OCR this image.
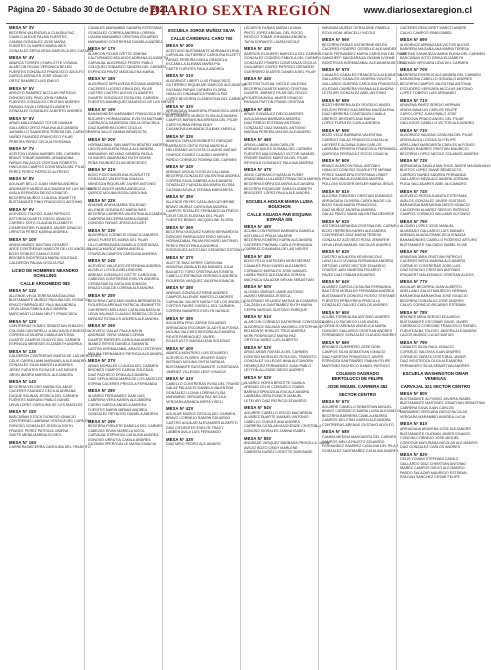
Página 20 - Sábado 30 de Octubre de 2021
DIARIO SEXTA REGIÓN	www.diariosextaregion.cl
MESA N° 3V
BECERRA VALENZUELA CLAUDIA PAZ
CAMILO ALEXIS PALMA FUENTES
CANDIA GONZALEZ JOSE MARIA
FUENTES OLIVARES MARIA INES
GONZALEZ SEPULVEDA MARCELA DEL CARMEN
MESA N° 4V
ABARCA TORRES CHARLOTTE VIVIANA
ALARCON ROJAS VERONICA BELEN
FUENTES GONZALEZ FRANCISCO ADOLFO
GARCIA MORALES JOSE IGNACIO
ORTIZ RAMIREZ LUIS EMILIO
MESA N° 5V
ARROYO RAMIREZ NICOLAS PATRICIO
DONOSO DEL PINO JOHN FABIAN
FUENTES GONZALEZ CRISTIAN ANDRES
PARADA SILVA LORENA ELIZABETH
GONZALEZ GONZALEZ ALBERTO ANDRES
MESA N° 6V
ARIAS MALDONADO TOTOR DAMIAN
GALLARDO ORTIZ PAULINA ALEJANDRA
JARAMILLO SAAVEDRA TERESA DEL CARMEN
NUÑEZ FAUNDEZ FRANCISCO PILAR
PEREIRA PEREZ CECILIA ROSSANA
MESA N° 7V
ACEITON LIZAMA MARIBEL DEL CARMEN
BRAVO TOBAR MARIBEL ARMANDINA
FARIAS PALACIOS CRISTIAN ROBERTO
HINOJOSA CAMPOS CONSTANZA DEL PILAR
PEREZ PEREZ PATRICIO ALFREDO
MESA N° 8V
AGUILAR BELLO JUAN XIMENA ANDREA
ANDRADES MUÑOZ ALEJANDRA DE LAS NIEVES
AYALA ESPINOZA DIEGO IGNACIO
BECERRA MUÑOZ CLAUDIA JEANETTE
BUSTAMANTE PINO FRANCISCO ANTONIO
MESA N° 9V
ACEVEDO TOLEDO JUAN PATRICIO
ASTORGA DUARTE DIEGO IGNACIO
CARRIEL SOTO CLAUDIA ELIZABETH
CHARPENTIER FLANDES JAVIER IGNACIO
URRUTIA PEREZ KARINA ANDREA
MESA N° 10V
ARAYA MUÑOZ BASTIAN CESARIO
ARCE CONTRERAS MARCOS DE LOS ANGELES
BOZO ROBLES CAMILO JOSE
BRIONES INOSTROZA MARIA SOLEDAD
CALDERON PALMA CECILIA PAZ
LICEO DE HOMBRES NEANDRO SCHILLING
CALLE ARGOMEDO 083
MESA N° 11V
ALLENDE VEGA TERESA MAGDALENA
BUSTAMANTE MUÑOZ PAULINA DEL ROSARIO
ERAZO PARRAGUEZ PAULINA ANDREA
LEIVA LEIVA FABIOLA ALEJANDRA
MARCHANT LIZAMA NELTY FRANCISCA
MESA N° 12V
CONTRERAS GOMEZ SEBASTIAN IGNACIO
COLOMA CANTARELLI JUAN DAVID ERNESTO
CORREA LEIGUERA CAMILA ANTONIA
DUARTE CAMPOS GLADYS DEL CARMEN
ESPINOZA MENESES ELIZABETH ANDREA
MESA N° 13V
CALDERON CONTRERAS MARTA DE LAS MERCEDES
CELIS CARRILLANN MARIANELA ALEJANDRA
GONZALEZ SILVA MARCELA ANDREA
JEREZ FUENTES ROSA DE LAS NIEVES
JIRON IBARRA MARISOL ALEJANDRA
MESA N° 14V
BECERRA VELOSO MARIA SOLANGE
CACERES FAUNDEZ CECILIA ADRIANA
DUQUE SALINAS JESSICA DEL CARMEN
FUENTES MAIRANO PABLO DANIEL
LEIVA LOPEZ CAROLINA DE LOS ANGELES
MESA N° 15V
BASCUÑAN STOCK DIONISIO IGNACIO
CONTRERAS LABRANA YESSICA DEL CARMEN
DONOSO GONZALEZ JESSICA EDITH
FRANCE PEREZ PATRICIA XIMENA
GAETE MENA MARINA ELISEO
MESA N° 16V
CARRERA BECERRA CAROLINA DEL TRANSITO
CANALES MARAMBIO SANDRA ESTEFANIA
GONZALEZ CORREA ANDREA LORENA
LIZAMA MARAMBIO CRISTIAN EDUARDO
MARAMBIO CONTRERAS DANIELA ANDREA
MESA N° 17V
ALARCON ROJAS IVETTE XIMENA
CALTURANDO BOLADOS ADRIANA ELIZABETH
CARVAJAL ALBORNOZ PEDRO PABLO
COLIQUEO SOBARZO SANDRA DEL CARMEN
ESPINOZA PAVEZ MAGDALENA MARIA
MESA N° 18V
ALBORNOZ SEPULVEDA ROXANA ANDREA
CACERES LUCERO ERIKA DEL PILAR
CASTRO CASTRO ALEXIS ELIZABETH
DUARTE GONZALEZ ROSA DEL CARMEN
FUENTES MANRIQUEZ MAURICIO DE LAS NIEVES
MESA N° 19V
BAHAMONDES MARAMBIO FRANCISCA DE LOS ANGELES
BUCAREY HORMAZABAL EVELYN MATSABE
CARRASCA SAAVEDRA ODILIA GRACIELA
DIAZ BARRERA DORIS CECILIA
PARRA VALLE HANNA BENEDICTA
MESA N° 20V
HORMAZABAL SAN MARTIN BEATRIZ ANDREA
LAGOS AGUILERA PAULA ALEJANDRA
MARAMBIO MOYANO SANDRA PAOLA
OLIVARES ZAMBRANO RUTH NOEMI
PEÑA FAUNDEZ ELSA MERCEDES
MESA N° 21V
BOZO POZO ANGELINA SCARLETTE
GONZALEZ VALENTINA IGNACIA
MENDOZA RIQUELME JAVIER ANTONIO
MUÑOZ AVILES MARIA ANGELICA
QUIROZ MOLINA ROSA CAROLINA
MESA N° 22V
ADASME ARAYA MARIA SOLEDAD
ALLENDE GONZALEZ MARIA INES
BECERRA CARRERA VALENTINA ALEJANDRA
CABRERA BECERRA MARIA ISABEL
DONOSO FARIAS JESSICA ELIZET
MESA N° 23V
ALBORNOZ CORNEJO IGNACIO ANDRES
ARIAS FUENTES MARIA DEL PILAR
LILLO ARRIAGADA DANIELA CONSTANZA
LLANCA MUÑOZ MARIA ANGELA
OYARZUN CAMPOS CAROLINA ANDREA
MESA N° 24V
ACEVEDO VALLEJOS ESTEFANIA ANDREA
ALISELLI LOYOLA BELLENDONI
ARENAS GONZALEZ IVETTE CAROLINA
CABEZAS CONTRERAS EVELYN ANDREA
CERDA BAEZA CATALINA IGNACIA
ERAZO UGALDE LORENA ALEJANDRA
MESA N° 25V
BECERRA CARCAMO MARIA BERNARDITA
FIGUEROA ARENAS PATRICIA JEANNETTE
GUERRERO MELLADO CATALINA NATALIA
LEIVA SALINAS CLAUDIO REBECA CECILIA
MENDEZ ROSALES ANDREA ALEJANDRA
MESA N° 26V
ACEVEDO GALAZ PAULA NAYIN
ANDRADE VERA YANNA CORINA
DUARTE PAREDES CAROLINA ANDREA
IBANEZ REYES DANIELA SAMANTA
LASTRA HORMAZABAL ARACELI ESTEFANY
MOLINA FERNANDEZ PATRICIA ALEJANDRA
MESA N° 27V
ARIAS MORALES CLAUDIA DEL CARMEN
BRIONES CAMPOS CARINA SOLEDAD
DIAZ PACHECO ERIKA ALEJANDRA
DIAZ SEPULVEDA MARIA DE LOS ANGELES
ESPINA CACERES PRISCILA FERNANDA
MESA N° 28V
ALVAREZ FERNANDEZ DANI DAS
CABRERA VERA KAREN ALEJANDRA
CUERO GARCIA ANGELA ANDREA
FUENTES MARIN MIRIAM ANDREA
GONZALEZ REYNOSO DANIELA ANDREA
MESA N° 29V
BECERRA POBLETE DANIELA DEL CARMEN
CABEZAS RIVAS MARIELA NICOL
CARVAJAL ESPINOZA CATALINA ANDREA
DONOSO URRUTIA CAMILA ANDREA
GUZMAN SPEROVALLE MARIA IGNACIA
ESCUELA JORGE MUÑOZ SILVA
CALLE CARDENAL CARO 700
MESA N° 30V
ACEITUNO BUSTAMANTE ADRIANA ELENA
CARVAJAL GUTIERREZ CAROLINA ELIZETT
FARIAS PEREIRA KARLA GRACIELA
ESCANILLA ALEMAN MARIA PIA
GAETE FUENTES PAULA ANDREA
MESA N° 31V
ALBORNOZ LIBERT LUIS FRANCISCO
GUTIERREZ RIQUELME MARCOS ALEJANDRO
GUZMAN PARAVI CARMEN GLORIA
HIDALGO DINAMARCA PAMELA PAZ
LOPEZ BECERRA CLEMENTINA DEL CARMEN
MESA N° 32V
ARRIAGADA SAAVEDRA FRANCISCA JAHERLYN
BUSTAMANTE MUÑOZ ELISA ALEJANDRA
CAMPOS BARAHONA BRENDA DEL PILAR
CARO DURAN REINA EDDY
CASANOVA AHUMADA ZULEMA YARIELA
MESA N° 33V
ABARCA TAPIA ROSOBERTO ENRIQUE
CARRASCO ORTIZ ROSA MARCELA
HELLEMANS ACCOSTA CLAUDIO MATIAS
OYARCE GOMEZ CLAUDIO ANDRES
PARDO CORNEJO ROMINA DEL CARMEN
MESA N° 34V
ARENAS URZUA YOCELIN CALLIANA
BECERRA GONZALEZ VALENTINA ANDREA
CORREA SILVA GABRIELA ALEJANDRA
GONZALEZ FUENZALIDA MARIA ELOISA
GUZMAN AGUILA TATIANA MARGARITA
MESA N° 35V
ALLENDE REYES CATALINA KATHERINE
BRAVO MUÑOZ CAROLINA ANDREA
CAMPOS ROSALES FERNANDO ALFREDO
CELIS CELIS EUGENIA DEL PILAR
FUENTES BRAVO JACQUELINE ELVIRA
MESA N° 36V
BECERRA VASQUEZ KAREN BERNARDITA
DONOSO PARRAGUEZ ENZO MIGUEL
HORMAZABAL PALMA RICHARD ANTONIO
PEREZ PINTO PAULA ANDREA
RODRIGUEZ ACEITUNO GERARDO ESTEBAN
MESA N° 37V
ALIETTE DIAZ DERBY CAROLINA
ARAVENA ZAVALA ELBA MANUEL JULIA
BAGUETO TORO CRISTINA ANTONIETA
CABELLO ESPINOSA VERONICA ANDREA
FIGUEROA VASQUEZ VALERIA IGNACIA
MESA N° 38V
ARENAS GONZALEZ RENE ANDRES
CAMPOS ALLENDE MARCELO ANDRES
CARVAJAL VALDES NATALY DE LOS ANGELES
CORTES FAURE GISSELL DEL CARMEN
CORREA NAVARRO EVELYN NATALIE
MESA N° 39V
AGUILERA PINO JORGE EDUARDO
ARRIAGADA ESCOBAR GLADYS ALFONSA
MOLINA VALCHES BEGOÑA ALEJANDRA
REYES PARRAGUEZ JAVIER
ROJAS ASTO MAGDALENA SOLEDAD
MESA N° 40V
ABARCA MONTERO LUIS EDUARDO
ACEVEDO FLORES JENIFER SAIDY
ANTINAO MOLINA CINTIA NATALIA
BUSTAMANTE BUSTAMANTE CONSTANZA
JIMENEZ VILLEGAS LENY IGNACIA
MESA N° 41V
CABELLO CONTRERAS ROSA DEL TRANSITO
GALAZ PALACIOS DANIELA VALENTINA
GONZALEZ LIZANA LORENA ELISA
MARAMBIO VERGARA PAZ NICOLA
VERGARA ARANDA MIRTA YISELI
MESA N° 42V
AGUILAR MUÑOZ CECILIA DEL CARMEN
BRAVO CORNEJO RAMON EDUARDO
CASTRO AGUILAR ALEXANDER ALBERTO
DIAZ CIFUENTES EVELYN TRACY
LABBEN AVILA LUIS FERNANDO
MESA N° 43V
DIAZ MIRO PEDRO ALEJANDRO
LECAROS FARIAS MARIA LILIANA
PINTO JOPEZ ABIGAIL DEL ROCIO
REVECO TOBAR JOHANNA ANDREA
TAPIA DORANTE LAURA NICOLE
MESA N° 43V
BARRIOS ELGUERO MARCELA DEL CARMEN
GONZALEZ CODORO FABIOLA DEL CARMEN
GONZALEZ POMIRO CONSTANZA CECILIA
GUAJARDO CAIFEZ PATRICIO GERARDO
GUERRERO DUARTE DANIELA DEL PILAR
MESA N° 44V
ACEITON TUCHAL NICOLE VALESKA
BECERRA DUARTE MARIO CRISTIAN
DUARTE JIMENEZ PILAR DEL ROCIO
FIGUEROA AVILA JAVIER IGNACIO
PARADA PATTON FRANK CRISTIAN
MESA N° 45V
ARIAS GONZALEZ DIEGO ANDRES
AVILA ARANA BARBARA ANDREA
DIAZ PARDO ESTEBAN ANTONIO
GONZALEZ DIAZ MANUEL ANTONIO
MARINA PEREIRA MATIAS ALEJANDRO
MESA N° 46V
ARAYA LABRA JUAN CARLOS
ARENAS AVILES SUSANA DEL CARMEN
FUENTES MALDONADO VICTOR MANUEL
PRIDER MUÑOZ MARITZA DEL PILAR
REYNOLD GONZALEZ PAULINA ANDREA
MESA N° 47V
ABOD CARRASCO NATALIA FUSBY
ARANCIBIA LLULLAÑEZ FRANCISCA MARINA
BECERRA ESPINOZA MARIA ALEJANDRA
BECERRA RIQUELME SARA ELIZABETH
BRIGGERT LOPEZ PAULA ALEJANDRA
ESCUELA HOGAR MARIA LUISA BOUCHON
CALLE AGUADA PAR ESQUINA ESPAÑA S/N
MESA N° 48V
ACUÑA CONTRERAS BARBARA DANIELA
ASTUDILLO PRAJA VALERIE
BECERRA ROMERO KARIN ALEJANDRA
CACERES PINOMAL CARLA FERNANDA
CARRASCO AMANDA DE LAS NIEVES
MESA N° 49V
BOZO FELIX KATHLEEN MONTSERRAT
CANALES PINO KAREN ALEJANDRO
CORNAGO MORALES JOSE MANUEL
LABRA PAVEZ ALEJANDRA SORAYA
MACHUCA SALAZAR BRYAN SEBASTIAN
MESA N° 50V
ALONSO VARGAS JAIME ANTONIO
AVARIO MIRANDA JESSICA
CALERANO VELASEZ MATIAS ALEJANDRO
CALZADILLA SANTIBAÑEZ RUTH MARIA
CERPA VARGAS GUSTAVO ENRIQUE
MESA N° 51V
ALARCON CORNEJO KATHERINE CONSTANZA
ALBORNOZ SALINAS MAXWELL ESTEPHANIE
BELMONTE ROBLES TRUZ ANDREA
MORI RODRIGUEZ MARIA PAZ
ORTEGA YAÑEZ LUIS ALBERTO
MESA N° 52V
ARIAS ARIAS RAFAELA DEL CARMEN
DONOSO MORALES ROSA DEL TRANSITO
GONZALEZ VILLEGAS NINA ALEJANDRA
HENRIQUEZ FERNANDEZ JUAN PABLO
LEYTON ALLENDE DIEGO ANDRES
MESA N° 53V
ALVAREZ HORTA BRIGITTE CAMILA
ARENAS CELIS CONSUELO ISABEL
BARRA ESPINOZA ALEXA ALEJANDRA
LABRAÑA VERA RONICH MANUEL
LETELIER DIAZ PATRICIO EDUARDO
MESA N° 54V
AGUIRRE CABELLO ROCIO MACARENA
ALVAREZ DUARTE MANUEL ANTONIO
CABELLO CUEVAS ANA ANDREA
CARRERA CATALAN MACKENZIE CRISTOBAL
DONOSO MORALES JANINA ISABEL
MESA N° 55V
ANDRADE VASQUEZ BARBARA PRISCILLA MARIA
AVILEZ BOZO CINDY MARLENE
CABRERA NUÑEZ LISSETTE MARIANNE
MIRANDA MUÑOZ GERALDINE PAMELA
ROYA VIDAL ARACELLI NICOLE
MESA N° 56V
BECERRA FARIAS KATHERINE BELEN
CACERES PIZARRO GISSELLE ALEJANDRA
CADIZ FERNANDEZ MARIA CAROLINA DEL PILAR
DANCHEFF MAGDARAGA YASMIN IVONNE
INOSTROZA HORMAZABAL ALEJANDRA BEATRIZ
MESA N° 57V
CANALES CANALES FRANCESCA ALEJANDRA
GALLARDO CANALES JAHERIA VIOLETA
GALLARDO GUERRA CAROLINA FRANCISCA
IGLESIAS CABRERA VIVIANA ALEJANDRA
LETELIER GONZALEZ ABEL ANTONIO
MESA N° 58V
BOZO HERRERA ALEX ROGELIO ANGEL
DELZON PEREZ MACARENA MAGDALENA
DIAZ HERRERA CONSTANZA CAMILA
LIBEROS BRIONES ANA MARIA
LOPEZ FUENTES CARLA ANDREA
MESA N° 59V
BOZO VELIZ BARBARA VALENTINA
CARRIZO GALAZ FRANCISCA NATALIA
LAFFERTE ALDANA JUAN CARLOS
LABRAÑA PEREIRA FRANCISCA FERNANDA
QUIROGA FERRAGUT ROCIO IGNACIA
MESA N° 60V
BRAVO ALARCON RAUL ANTONIO
HIDALGO DONOSO SCARLETTE MIRIAM
PEREZ SAAVEDRA ESTEFANIA LISBET
PINO MOLINA ALEXANDRA ANDREA
POLLONI SOGGER MISLER MARIA JESUS
MESA N° 61V
ALEGRIA TOBOSSO CRISTIAN DOMINGO
ARRIAGADA OLIVERA CAROLINA DE LIA
BOZO SILVA MARIA FRANCISCA
DIAZ MUÑOZ JAVIERA ANDREA
GALAZ PAVEZ NANA VALENTINA DENISSE
MESA N° 62V
ASTORGA MIRANDA CRISTINA DEL CARMEN
BOZO HERRERA KAREN ALEJANDRA
CONTRERAS DIAZ MARIA TERESA
GONZALEZ ACEVEDO ROSA JENNIFER
LEIVA LEIVA MANUEL NICOLAS ANDRES
MESA N° 63V
CASTRO AGUILERA KEVIN NICOLE
LANZ LILLO VIVIANA FERNANDA ANDREA
ORTIZAR LOPEZ HECTOR EDUARDO
OYARCE JAIN VANESSA RICARDO
PAVEZ DIAZ FABIAN EDUARDO
MESA N° 64V
ALVAREZ GARCIA CATALINA FERNANDA
BAUTISTA MORALES FERNANDA ANDREA
BUSTAMANTE DONOSO ROSSO STEFANIE
FUENTES PEÑA ERIKA PRISCILLA
GONZALEZ GALVEZ CARLOS ANDRES
MESA N° 65V
ACUÑA TORREALBA ANTONIO ANDRES
CABELLO PACHECO LUIS ANGEL
CORNEJO ARENAS ANGELICA MARIA
DONOSO GALLARDO CRISTIAN ANDRES
FERNANDEZ GONZALEZ CLAUDIO ANDRES
MESA N° 66V
BRIONES GUERRERO JOSE NOEL
CAMPOS SILVA SEBASTIAN IGNACIO
DIAZ HUERTAS FRANCISCO JAVIER
ESPINOZA SANTIBAÑEZ FABIAN FELIPE
MARTINEZ PACHECO DANIEL PATRICIO
COLEGIO SAGRADO BERTOLUCCI DE FELIPE
JOSE MIGUEL CARRERA 452
SECTOR CENTRO
MESA N° 67V
AGUIRRE CABELLO SEBASTIAN MIGUEL
BRAVO CARRASCO MARIA LUISA ALEJANDRA
BECERRA BARRERA CAMILA ANDREA
CAMPOS DEL PINO KAREN ALEJANDRA
CONTRERAS ARENAS GUSTAVO ADOLFO
MESA N° 68V
CANDIA MEDINA MARGARITA DEL CARMEN
CAMPOS MELLA FAUSTO EDUARDO
FERNANDEZ RAMIREZ CATALINA DEL PILAR
GONZALEZ SANTIBAÑEZ CATALINA ANDREA
CACERES RENCORET MARCO ANDRE
CALVO CAMPOS IRMA ISABEL
MESA N° 69V
ALBORNOZ ARRIAGADA VICTOR ALEXIS
BARRERA MAGAÑA ANA MARIA TERESA
BASTIAS SANHUEZA MARIA ELENA DEL CARMEN
BASCUÑAN SOTO ERIKA ELIZABETH
GUZMAN VERGARA LIDIA DEL CARMEN
MESA N° 70V
BARRERA RIVEROS ALEJANDRA DEL CARMEN
BARAHONA CABELLO GONZALO ANDRES
BECERRA CAMPOS VALENTINA ANTONIA
ESCUDERO VERGARA NICOLAS ANTONIO
LOPEZ TOBERO LUIS ARMANDO
MESA N° 71V
ARAVENA PAVEZ SERGIO HERNAN
ARAYA MAULLIN CARLOS FELIPE
CARO LOPEZ JUAN PABLO JOSE
CORDOVA PRADO ANGEL DEL PILAR
GALLEGOS CABELLO VICTOR ALEJANDRO
MESA N° 72V
ALBORNOZ VAUDAN CATALINA DEL PILAR
ARAYA AVILA LOGGIA SU FELIPE
ARELLANO MARGARITA CARLOS ALFONSO
ARENAS RAMIREZ CRISTIAN MAURICIO
BECERRA LOPEZ NICOLE SOLANGE ANDREA
MESA N° 73V
ARRIAGADA ZAVALA MALTHUS JAVIER MAXIMILIANO
BUSTOS LOPEZ DIANE BENEDICTO
CARRIZO NUÑEZ ANDREA FERNANDA
GALLARDO MEZA ALEJANDRA JOSSIAN
PUGA VALLADARES ABEL ALEJANDRO
MESA N° 74V
ACEVEDO PEZOA JUANITA ESTEFANIA
AVALOS GONZALEZ JAVIER GUSTAVO
BARAHONA BARAHONA DIEGO IGNACIO
CALDERON ALVAREZ SERGIO PATRICIO
CAMPOS CORNEJO WILLIAMS ALFONSO
MESA N° 75V
ALONSO LOPEZ JOSE MANUEL
ALVARADO GALLARDO LUIS MANUEL
ARENAS ALIAGA FRANCISCA IGNACIA
BAHAMONDES CABELLO RODRIGO ARTURO
BUSTAMANTE SALGADO ISABEL ELISE
MESA N° 76V
ARAVENA JARA CRISTIAN PATRICIO
CACERES MOYA MARINA ALEJANDRA
CORNEJO CONTRERAS JOSE LUIS
DIAZ DONOSO CRISTIAN ANTONIO
ERIQUERT MALDONADO CRISTIAN ALEXIS
MESA N° 77V
AGUILAR BECERRA JUAN ALBERTO
ARELLANO SALVO MAURICIO HERNAN
BARAHONA BARAHONA JOSE IGNACIO
BECERRA GONZALEZ JOSE ANDRES
CALVO CORNEJO RICARDO ESTEBAN
MESA N° 78V
BRIONES MIRA SERGIO EDUARDO
BUSTAMANTE ESCOBAR DAVID JAVIER
CARRASCO CORDONE FRANCISCO RAFAEL
FUENTEALBA TOLEDO JAVIERA ALEJANDRA
LAGOS MUÑOZ LUCAS MATIAS
MESA N° 79V
CANALES SILVA RAUL IGNACIO
CORNEJO SALDIVIA JUAN ANDRES
CORNEJO ZAPATA CRISTOBAL JAVIER
DIAZ INOSTROZA OLGA ALEJANDRA
FERNANDEZ SILVA SEBASTIAN ANDRES
ESCUELA WASHINGTON OMAR VENEGAS
CARVAJAL 321 SECTOR CENTRO
MESA N° 80V
BUSTAMANTE ALFONSO JAVIERA ISABEL
BUSTAMANTE MARTINEZ JONATHAN SEBASTIAN
CABRERA SILVA JUAN CARLOS
MARAMBIO VERGARA DIEGO NICOLAS
VERGARA MARAMBIO ANDREA LUCIA
MESA N° 81V
ARRIAGADA ARAVENA JOSE ALEJANDRO
BUSTAMANTE GUZMAN JAVIER IGNACIO
CONCHA CORNEJO JOSE MIGUEL
CORDOVA MATURANA NICOLAS ALEJANDRO
DIAZ GONZALEZ CARLOS ANDRES
MESA N° 82V
CELIS YOVANI STEPHANI CAMILO
GALLARDO DIAZ CHRISTIAN ANTONIO
IBAÑEZ CAMPOS DIEGO ALEJANDRO
PARDO SALAZAR MAURICIO ESTEBAN
ROLDAN SANCHEZ CESAR FELIPE
